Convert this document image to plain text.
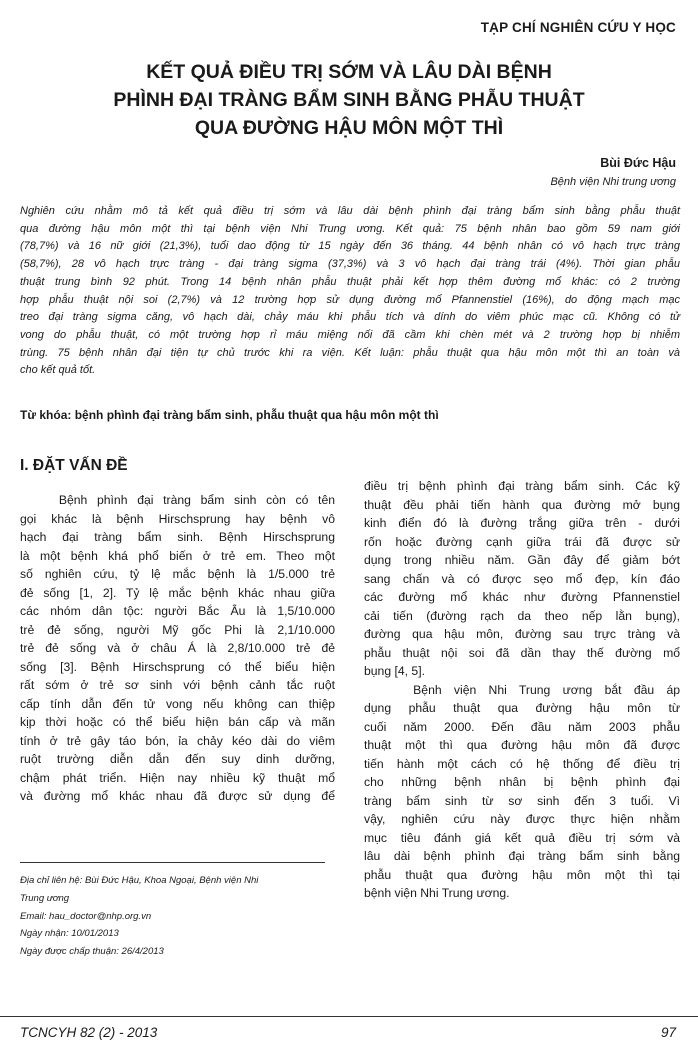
TẠP CHÍ NGHIÊN CỨU Y HỌC
KẾT QUẢ ĐIỀU TRỊ SỚM VÀ LÂU DÀI BỆNH
PHÌNH ĐẠI TRÀNG BẨM SINH BẰNG PHẪU THUẬT
QUA ĐƯỜNG HẬU MÔN MỘT THÌ
Bùi Đức Hậu
Bệnh viện Nhi trung ương
Nghiên cứu nhằm mô tả kết quả điều trị sớm và lâu dài bệnh phình đại tràng bẩm sinh bằng phẫu thuật
qua đường hậu môn một thì tại bệnh viện Nhi Trung ương. Kết quả: 75 bệnh nhân bao gồm 59 nam giới
(78,7%) và 16 nữ giới (21,3%), tuổi dao động từ 15 ngày đến 36 tháng. 44 bệnh nhân có vô hạch trực tràng
(58,7%), 28 vô hạch trực tràng - đại tràng sigma (37,3%) và 3 vô hạch đại tràng trái (4%). Thời gian phẫu
thuật trung bình 92 phút. Trong 14 bệnh nhân phẫu thuật phải kết hợp thêm đường mổ khác: có 2 trường
hợp phẫu thuật nội soi (2,7%) và 12 trường hợp sử dụng đường mổ Pfannenstiel (16%), do động mạch mạc
treo đại tràng sigma căng, vô hạch dài, chảy máu khi phẫu tích và dính do viêm phúc mạc cũ. Không có tử
vong do phẫu thuật, có một trường hợp rỉ máu miệng nối đã cầm khi chèn mét và 2 trường hợp bị nhiễm
trùng. 75 bệnh nhân đại tiện tự chủ trước khi ra viện. Kết luận: phẫu thuật qua hậu môn một thì an toàn và
cho kết quả tốt.
Từ khóa: bệnh phình đại tràng bẩm sinh, phẫu thuật qua hậu môn một thì
I. ĐẶT VẤN ĐỀ
Bệnh phình đại tràng bẩm sinh còn có tên
gọi khác là bệnh Hirschsprung hay bệnh vô
hạch đại tràng bẩm sinh. Bệnh Hirschsprung
là một bệnh khá phổ biến ở trẻ em. Theo một
số nghiên cứu, tỷ lệ mắc bệnh là 1/5.000 trẻ
đẻ sống [1, 2]. Tỷ lệ mắc bệnh khác nhau giữa
các nhóm dân tộc: người Bắc Âu là 1,5/10.000
trẻ đẻ sống, người Mỹ gốc Phi là 2,1/10.000
trẻ đẻ sống và ở châu Á là 2,8/10.000 trẻ đẻ
sống [3]. Bệnh Hirschsprung có thể biểu hiện
rất sớm ở trẻ sơ sinh với bệnh cảnh tắc ruột
cấp tính dẫn đến tử vong nếu không can thiệp
kịp thời hoặc có thể biểu hiện bán cấp và mãn
tính ở trẻ gây táo bón, ỉa chảy kéo dài do viêm
ruột trường diễn dẫn đến suy dinh dưỡng,
chậm phát triển. Hiện nay nhiều kỹ thuật mổ
và đường mổ khác nhau đã được sử dụng để
Địa chỉ liên hệ: Bùi Đức Hậu, Khoa Ngoại, Bệnh viện Nhi
Trung ương
Email: hau_doctor@nhp.org.vn
Ngày nhận: 10/01/2013
Ngày được chấp thuận: 26/4/2013
điều trị bệnh phình đại tràng bẩm sinh. Các kỹ
thuật đều phải tiến hành qua đường mở bụng
kinh điển đó là đường trắng giữa trên - dưới
rốn hoặc đường cạnh giữa trái đã được sử
dụng trong nhiều năm. Gần đây để giảm bớt
sang chấn và có được sẹo mổ đẹp, kín đáo
các đường mổ khác như đường Pfannenstiel
cải tiến (đường rạch da theo nếp lằn bụng),
đường qua hậu môn, đường sau trực tràng và
phẫu thuật nội soi đã dần thay thế đường mổ
bụng [4, 5].
Bệnh viện Nhi Trung ương bắt đầu áp
dụng phẫu thuật qua đường hậu môn từ
cuối năm 2000. Đến đầu năm 2003 phẫu
thuật một thì qua đường hậu môn đã được
tiến hành một cách có hệ thống để điều trị
cho những bệnh nhân bị bệnh phình đại
tràng bẩm sinh từ sơ sinh đến 3 tuổi. Vì
vậy, nghiên cứu này được thực hiện nhằm
mục tiêu đánh giá kết quả điều trị sớm và
lâu dài bệnh phình đại tràng bẩm sinh bằng
phẫu thuật qua đường hậu môn một thì tại
bệnh viện Nhi Trung ương.
TCNCYH 82 (2) - 2013	97
